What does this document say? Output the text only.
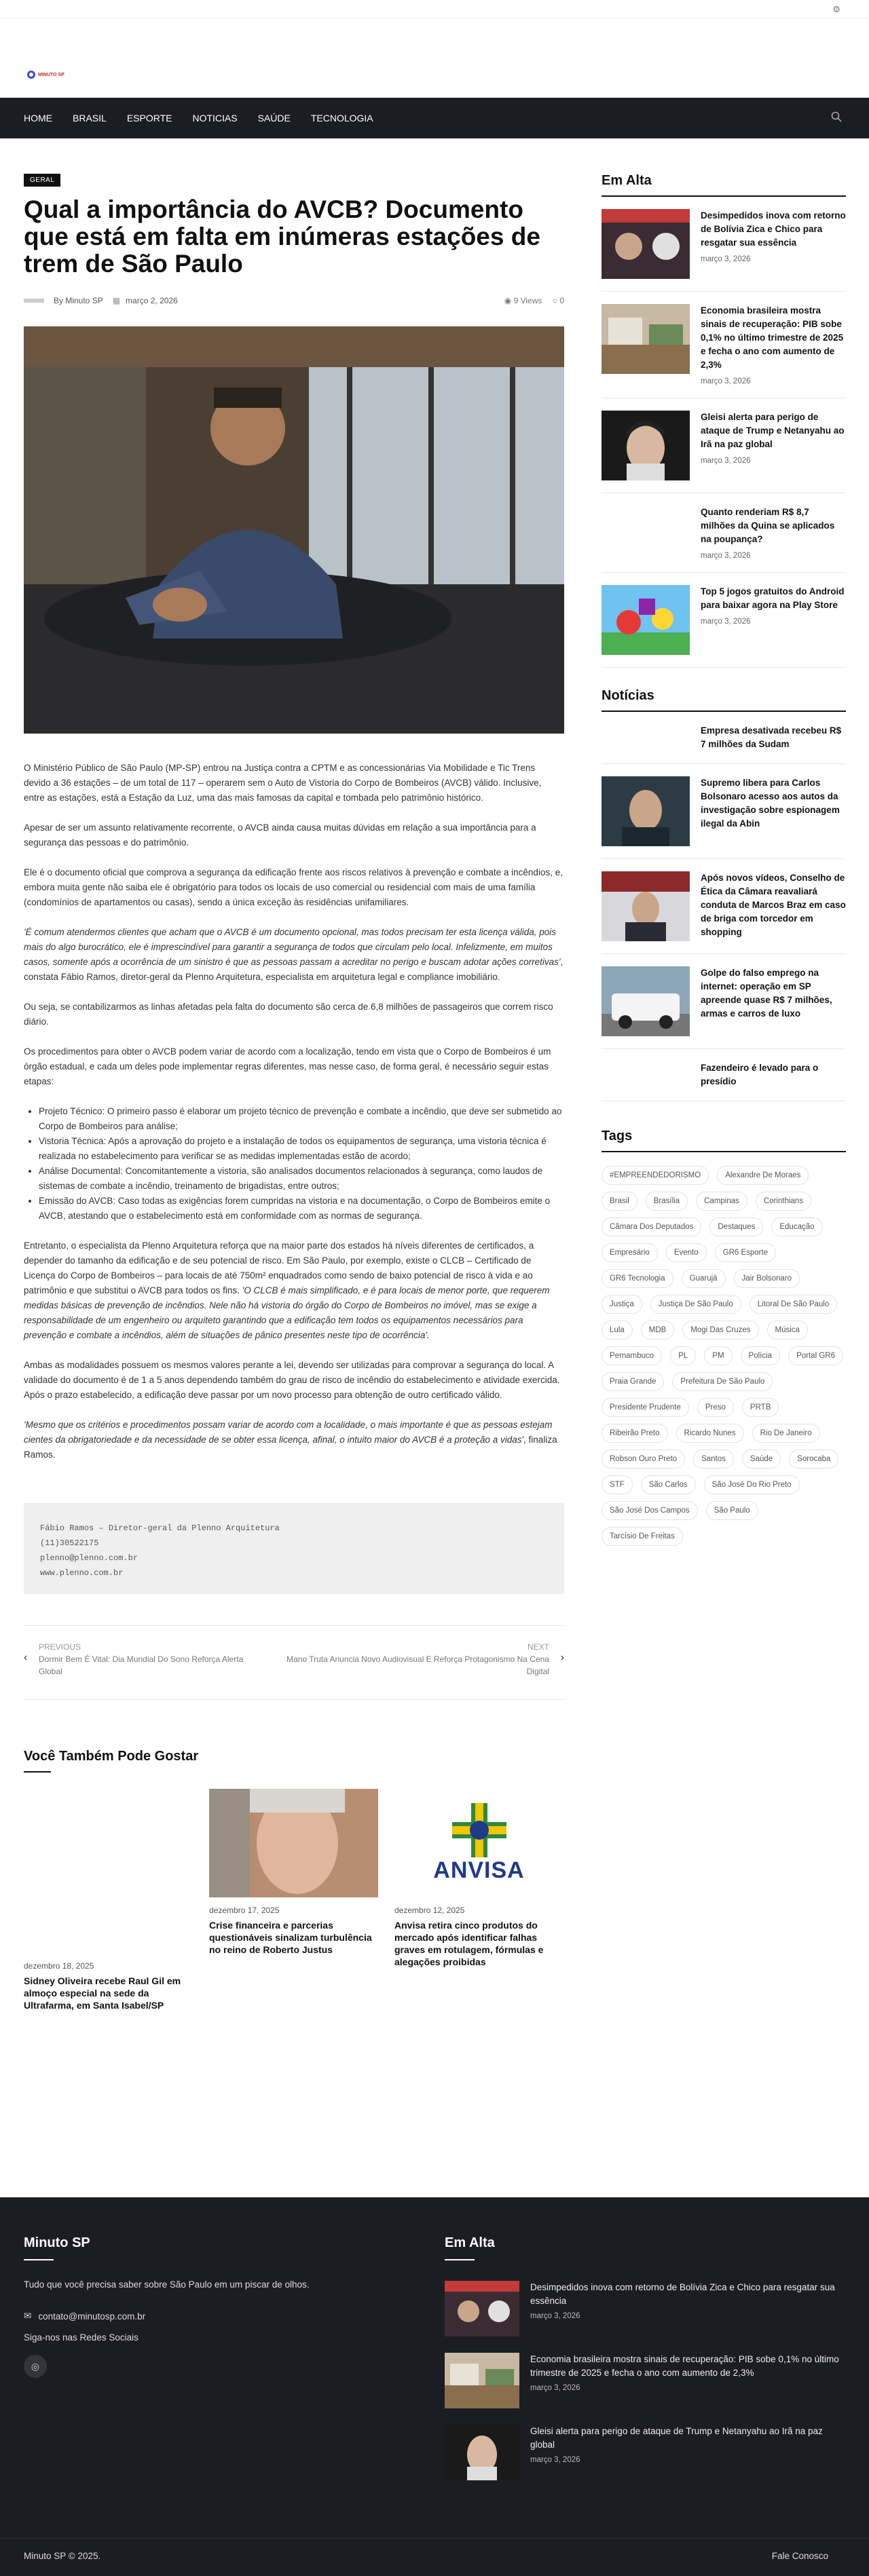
⚙
MINUTO SP
HOME BRASIL ESPORTE NOTICIAS SAÚDE TECNOLOGIA
GERAL
Qual a importância do AVCB? Documento que está em falta em inúmeras estações de trem de São Paulo
By Minuto SP ▦ março 2, 2026	◉ 9 Views ○ 0

O Ministério Público de São Paulo (MP-SP) entrou na Justiça contra a CPTM e as concessionárias Via Mobilidade e Tic Trens devido a 36 estações – de um total de 117 – operarem sem o Auto de Vistoria do Corpo de Bombeiros (AVCB) válido. Inclusive, entre as estações, está a Estação da Luz, uma das mais famosas da capital e tombada pelo patrimônio histórico.

Apesar de ser um assunto relativamente recorrente, o AVCB ainda causa muitas dúvidas em relação a sua importância para a segurança das pessoas e do patrimônio.

Ele é o documento oficial que comprova a segurança da edificação frente aos riscos relativos à prevenção e combate a incêndios, e, embora muita gente não saiba ele é obrigatório para todos os locais de uso comercial ou residencial com mais de uma família (condomínios de apartamentos ou casas), sendo a única exceção às residências unifamiliares.

'É comum atendermos clientes que acham que o AVCB é um documento opcional, mas todos precisam ter esta licença válida, pois mais do algo burocrático, ele é imprescindível para garantir a segurança de todos que circulam pelo local. Infelizmente, em muitos casos, somente após a ocorrência de um sinistro é que as pessoas passam a acreditar no perigo e buscam adotar ações corretivas', constata Fábio Ramos, diretor-geral da Plenno Arquitetura, especialista em arquitetura legal e compliance imobiliário.

Ou seja, se contabilizarmos as linhas afetadas pela falta do documento são cerca de 6,8 milhões de passageiros que correm risco diário.

Os procedimentos para obter o AVCB podem variar de acordo com a localização, tendo em vista que o Corpo de Bombeiros é um órgão estadual, e cada um deles pode implementar regras diferentes, mas nesse caso, de forma geral, é necessário seguir estas etapas:

• Projeto Técnico: O primeiro passo é elaborar um projeto técnico de prevenção e combate a incêndio, que deve ser submetido ao Corpo de Bombeiros para análise;
• Vistoria Técnica: Após a aprovação do projeto e a instalação de todos os equipamentos de segurança, uma vistoria técnica é realizada no estabelecimento para verificar se as medidas implementadas estão de acordo;
• Análise Documental: Concomitantemente a vistoria, são analisados documentos relacionados à segurança, como laudos de sistemas de combate a incêndio, treinamento de brigadistas, entre outros;
• Emissão do AVCB: Caso todas as exigências forem cumpridas na vistoria e na documentação, o Corpo de Bombeiros emite o AVCB, atestando que o estabelecimento está em conformidade com as normas de segurança.

Entretanto, o especialista da Plenno Arquitetura reforça que na maior parte dos estados há níveis diferentes de certificados, a depender do tamanho da edificação e de seu potencial de risco. Em São Paulo, por exemplo, existe o CLCB – Certificado de Licença do Corpo de Bombeiros – para locais de até 750m² enquadrados como sendo de baixo potencial de risco à vida e ao patrimônio e que substitui o AVCB para todos os fins. 'O CLCB é mais simplificado, e é para locais de menor porte, que requerem medidas básicas de prevenção de incêndios. Nele não há vistoria do órgão do Corpo de Bombeiros no imóvel, mas se exige a responsabilidade de um engenheiro ou arquiteto garantindo que a edificação tem todos os equipamentos necessários para prevenção e combate a incêndios, além de situações de pânico presentes neste tipo de ocorrência'.

Ambas as modalidades possuem os mesmos valores perante a lei, devendo ser utilizadas para comprovar a segurança do local. A validade do documento é de 1 a 5 anos dependendo também do grau de risco de incêndio do estabelecimento e atividade exercida. Após o prazo estabelecido, a edificação deve passar por um novo processo para obtenção de outro certificado válido.

'Mesmo que os critérios e procedimentos possam variar de acordo com a localidade, o mais importante é que as pessoas estejam cientes da obrigatoriedade e da necessidade de se obter essa licença, afinal, o intuito maior do AVCB é a proteção a vidas', finaliza Ramos.

Fábio Ramos – Diretor-geral da Plenno Arquitetura
(11)30522175
plenno@plenno.com.br
www.plenno.com.br
‹
PREVIOUS
Dormir Bem É Vital: Dia Mundial Do Sono Reforça Alerta Global
NEXT
Mano Truta Anuncia Novo Audiovisual E Reforça Protagonismo Na Cena Digital
›
Você Também Pode Gostar
dezembro 18, 2025
Sidney Oliveira recebe Raul Gil em almoço especial na sede da Ultrafarma, em Santa Isabel/SP
dezembro 17, 2025
Crise financeira e parcerias questionáveis sinalizam turbulência no reino de Roberto Justus
ANVISA
dezembro 12, 2025
Anvisa retira cinco produtos do mercado após identificar falhas graves em rotulagem, fórmulas e alegações proibidas
Em Alta
Desimpedidos inova com retorno de Bolívia Zica e Chico para resgatar sua essência
março 3, 2026
Economia brasileira mostra sinais de recuperação: PIB sobe 0,1% no último trimestre de 2025 e fecha o ano com aumento de 2,3%
março 3, 2026
Gleisi alerta para perigo de ataque de Trump e Netanyahu ao Irã na paz global
março 3, 2026
Quanto renderiam R$ 8,7 milhões da Quina se aplicados na poupança?
março 3, 2026
Top 5 jogos gratuitos do Android para baixar agora na Play Store
março 3, 2026
Notícias
Empresa desativada recebeu R$ 7 milhões da Sudam
Supremo libera para Carlos Bolsonaro acesso aos autos da investigação sobre espionagem ilegal da Abin
Após novos vídeos, Conselho de Ética da Câmara reavaliará conduta de Marcos Braz em caso de briga com torcedor em shopping
Golpe do falso emprego na internet: operação em SP apreende quase R$ 7 milhões, armas e carros de luxo
Fazendeiro é levado para o presídio
Tags
#EMPREENDEDORISMO	Alexandre De Moraes
Brasil	Brasília	Campinas	Corinthians
Câmara Dos Deputados	Destaques	Educação
Empresário	Evento	GR6 Esporte
GR6 Tecnologia	Guarujá	Jair Bolsonaro
Justiça	Justiça De São Paulo	Litoral De São Paulo
Lula	MDB	Mogi Das Cruzes	Música
Pernambuco	PL	PM	Polícia	Portal GR6
Praia Grande	Prefeitura De São Paulo
Presidente Prudente	Preso	PRTB
Ribeirão Preto	Ricardo Nunes	Rio De Janeiro
Robson Ouro Preto	Santos	Saúde	Sorocaba
STF	São Carlos	São José Do Rio Preto
São José Dos Campos	São Paulo
Tarcísio De Freitas
Minuto SP
Tudo que você precisa saber sobre São Paulo em um piscar de olhos.
✉ contato@minutosp.com.br
Siga-nos nas Redes Sociais
◎
Em Alta
Desimpedidos inova com retorno de Bolívia Zica e Chico para resgatar sua essência
março 3, 2026
Economia brasileira mostra sinais de recuperação: PIB sobe 0,1% no último trimestre de 2025 e fecha o ano com aumento de 2,3%
março 3, 2026
Gleisi alerta para perigo de ataque de Trump e Netanyahu ao Irã na paz global
março 3, 2026
Minuto SP © 2025.	Fale Conosco
